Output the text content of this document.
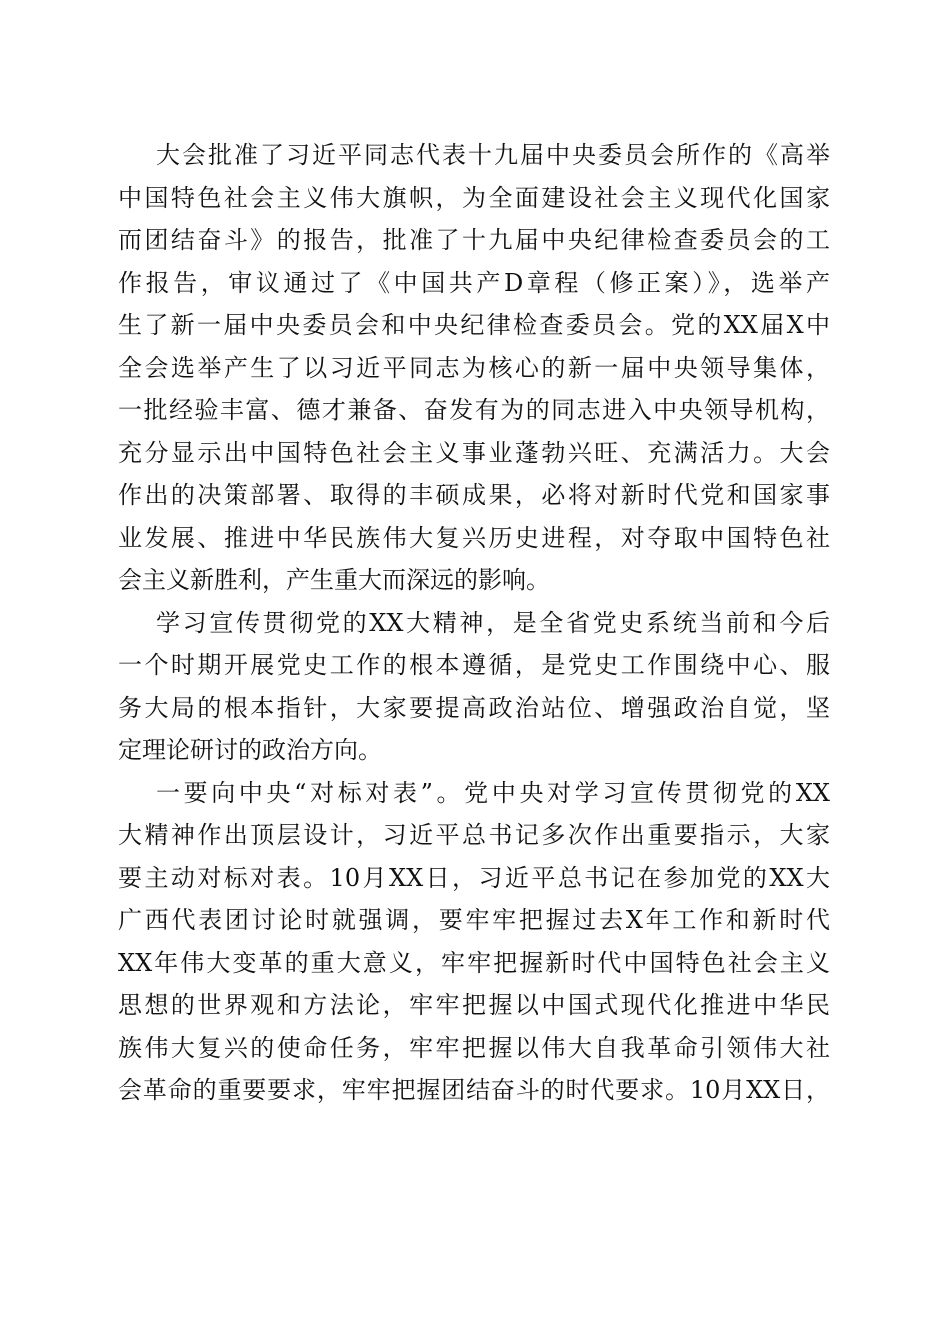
大会批准了习近平同志代表十九届中央委员会所作的《高举
中国特色社会主义伟大旗帜，为全面建设社会主义现代化国家
而团结奋斗》的报告，批准了十九届中央纪律检查委员会的工
作报告，审议通过了《中国共产D章程（修正案）》，选举产
生了新一届中央委员会和中央纪律检查委员会。党的XX届X中
全会选举产生了以习近平同志为核心的新一届中央领导集体，
一批经验丰富、德才兼备、奋发有为的同志进入中央领导机构，
充分显示出中国特色社会主义事业蓬勃兴旺、充满活力。大会
作出的决策部署、取得的丰硕成果，必将对新时代党和国家事
业发展、推进中华民族伟大复兴历史进程，对夺取中国特色社
会主义新胜利，产生重大而深远的影响。
学习宣传贯彻党的XX大精神，是全省党史系统当前和今后
一个时期开展党史工作的根本遵循，是党史工作围绕中心、服
务大局的根本指针，大家要提高政治站位、增强政治自觉，坚
定理论研讨的政治方向。
一要向中央“对标对表”。党中央对学习宣传贯彻党的XX
大精神作出顶层设计，习近平总书记多次作出重要指示，大家
要主动对标对表。10月XX日，习近平总书记在参加党的XX大
广西代表团讨论时就强调，要牢牢把握过去X年工作和新时代
XX年伟大变革的重大意义，牢牢把握新时代中国特色社会主义
思想的世界观和方法论，牢牢把握以中国式现代化推进中华民
族伟大复兴的使命任务，牢牢把握以伟大自我革命引领伟大社
会革命的重要要求，牢牢把握团结奋斗的时代要求。10月XX日，
